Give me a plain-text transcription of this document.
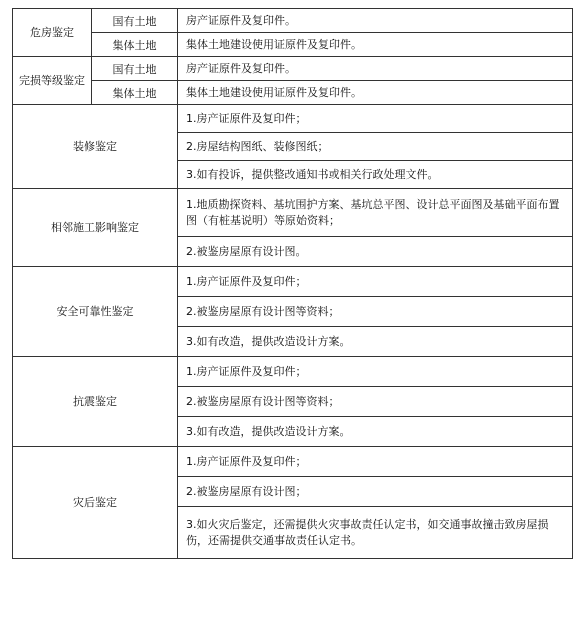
危房鉴定	国有土地	房产证原件及复印件。
	集体土地	集体土地建设使用证原件及复印件。
完损等级鉴定	国有土地	房产证原件及复印件。
	集体土地	集体土地建设使用证原件及复印件。
装修鉴定		1.房产证原件及复印件；
		2.房屋结构图纸、装修图纸；
		3.如有投诉，提供整改通知书或相关行政处理文件。
相邻施工影响鉴定		1.地质勘探资料、基坑围护方案、基坑总平图、设计总平面图及基础平面布置图（有桩基说明）等原始资料；
		2.被鉴房屋原有设计图。
安全可靠性鉴定		1.房产证原件及复印件；
		2.被鉴房屋原有设计图等资料；
		3.如有改造，提供改造设计方案。
抗震鉴定		1.房产证原件及复印件；
		2.被鉴房屋原有设计图等资料；
		3.如有改造，提供改造设计方案。
灾后鉴定		1.房产证原件及复印件；
		2.被鉴房屋原有设计图；
		3.如火灾后鉴定，还需提供火灾事故责任认定书，如交通事故撞击致房屋损伤，还需提供交通事故责任认定书。
